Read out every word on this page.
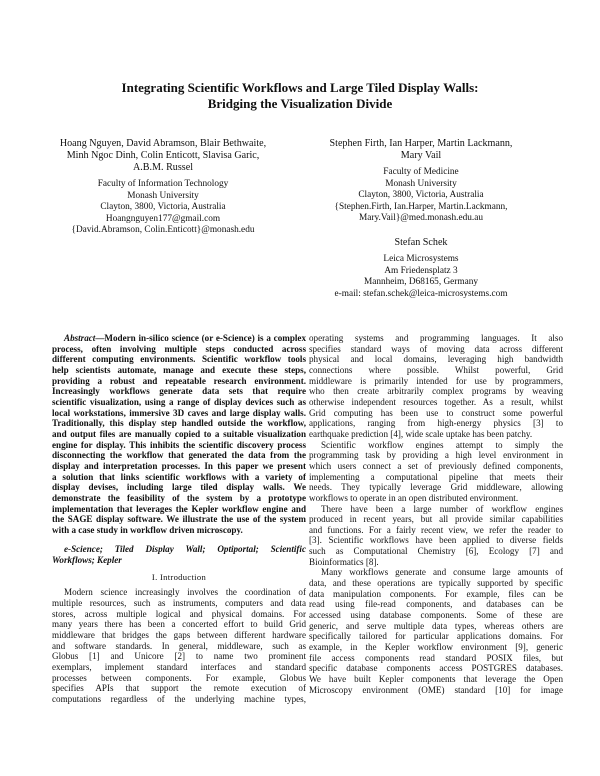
Integrating Scientific Workflows and Large Tiled Display Walls:
Bridging the Visualization Divide
Hoang Nguyen, David Abramson, Blair Bethwaite,
Minh Ngoc Dinh, Colin Enticott, Slavisa Garic,
A.B.M. Russel
Faculty of Information Technology
Monash University
Clayton, 3800, Victoria, Australia
Hoangnguyen177@gmail.com
{David.Abramson, Colin.Enticott}@monash.edu
Stephen Firth, Ian Harper, Martin Lackmann,
Mary Vail
Faculty of Medicine
Monash University
Clayton, 3800, Victoria, Australia
{Stephen.Firth, Ian.Harper, Martin.Lackmann,
Mary.Vail}@med.monash.edu.au
Stefan Schek
Leica Microsystems
Am Friedensplatz 3
Mannheim, D68165, Germany
e-mail: stefan.schek@leica-microsystems.com
Abstract—Modern in-silico science (or e-Science) is a complex
process, often involving multiple steps conducted across
different computing environments. Scientific workflow tools
help scientists automate, manage and execute these steps,
providing a robust and repeatable research environment.
Increasingly workflows generate data sets that require
scientific visualization, using a range of display devices such as
local workstations, immersive 3D caves and large display walls.
Traditionally, this display step handled outside the workflow,
and output files are manually copied to a suitable visualization
engine for display. This inhibits the scientific discovery process
disconnecting the workflow that generated the data from the
display and interpretation processes. In this paper we present
a solution that links scientific workflows with a variety of
display devises, including large tiled display walls. We
demonstrate the feasibility of the system by a prototype
implementation that leverages the Kepler workflow engine and
the SAGE display software. We illustrate the use of the system
with a case study in workflow driven microscopy.
e-Science; Tiled Display Wall; Optiportal; Scientific
Workflows; Kepler
I. Introduction
Modern science increasingly involves the coordination of
multiple resources, such as instruments, computers and data
stores, across multiple logical and physical domains. For
many years there has been a concerted effort to build Grid
middleware that bridges the gaps between different hardware
and software standards. In general, middleware, such as
Globus [1] and Unicore [2] to name two prominent
exemplars, implement standard interfaces and standard
processes between components. For example, Globus
specifies APIs that support the remote execution of
computations regardless of the underlying machine types,
operating systems and programming languages. It also
specifies standard ways of moving data across different
physical and local domains, leveraging high bandwidth
connections where possible. Whilst powerful, Grid
middleware is primarily intended for use by programmers,
who then create arbitrarily complex programs by weaving
otherwise independent resources together. As a result, whilst
Grid computing has been use to construct some powerful
applications, ranging from high-energy physics [3] to
earthquake prediction [4], wide scale uptake has been patchy.
Scientific workflow engines attempt to simply the
programming task by providing a high level environment in
which users connect a set of previously defined components,
implementing a computational pipeline that meets their
needs. They typically leverage Grid middleware, allowing
workflows to operate in an open distributed environment.
There have been a large number of workflow engines
produced in recent years, but all provide similar capabilities
and functions. For a fairly recent view, we refer the reader to
[3]. Scientific workflows have been applied to diverse fields
such as Computational Chemistry [6], Ecology [7] and
Bioinformatics [8].
Many workflows generate and consume large amounts of
data, and these operations are typically supported by specific
data manipulation components. For example, files can be
read using file-read components, and databases can be
accessed using database components. Some of these are
generic, and serve multiple data types, whereas others are
specifically tailored for particular applications domains. For
example, in the Kepler workflow environment [9], generic
file access components read standard POSIX files, but
specific database components access POSTGRES databases.
We have built Kepler components that leverage the Open
Microscopy environment (OME) standard [10] for image
